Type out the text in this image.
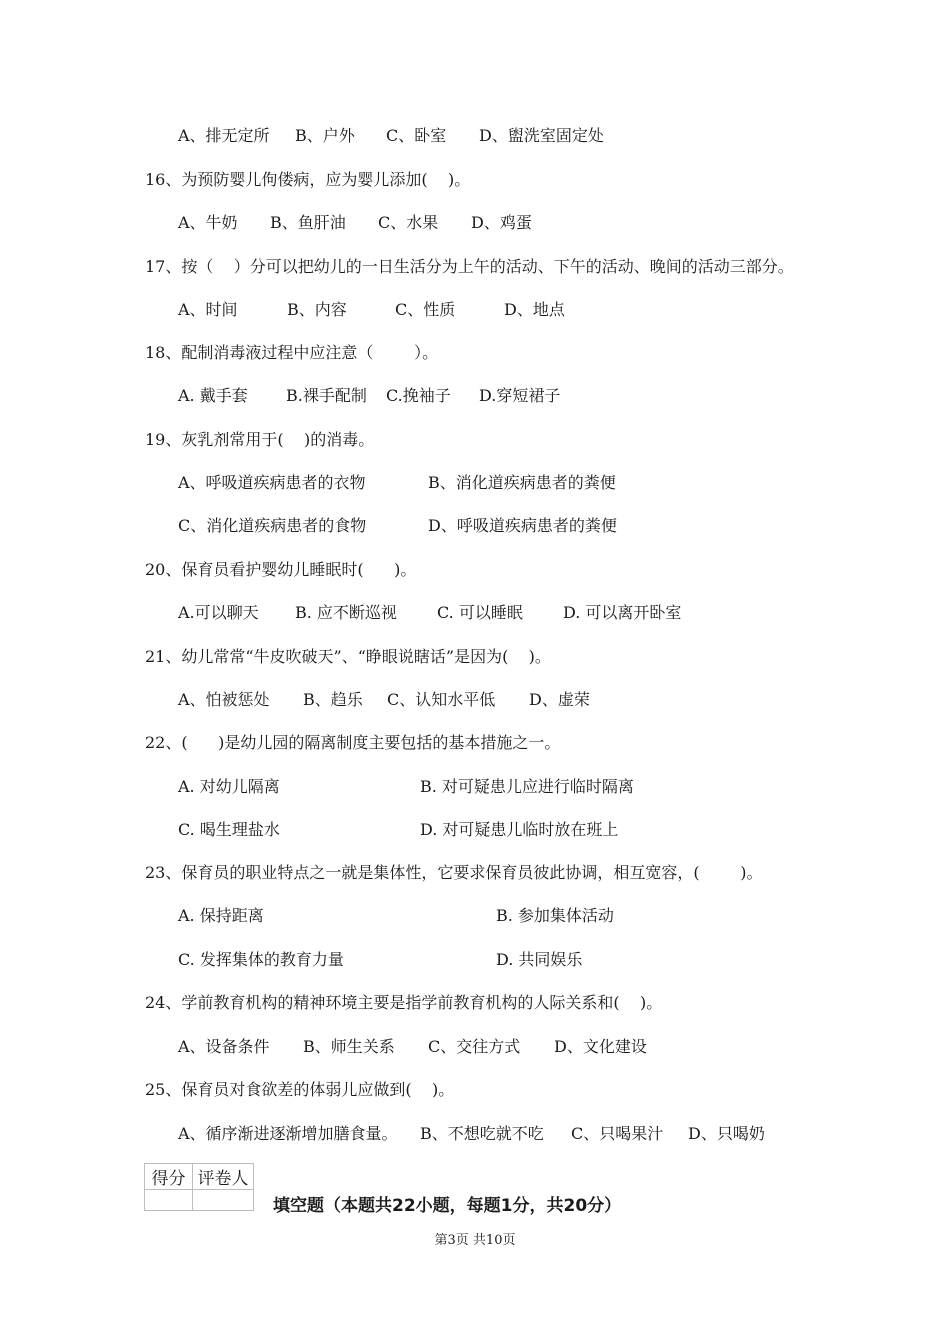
A、排无定所 B、户外 C、卧室 D、盥洗室固定处
16、为预防婴儿佝偻病，应为婴儿添加(    )。
A、牛奶 B、鱼肝油 C、水果 D、鸡蛋
17、按（    ）分可以把幼儿的一日生活分为上午的活动、下午的活动、晚间的活动三部分。
A、时间	B、内容	C、性质	D、地点
18、配制消毒液过程中应注意（        ）。
A. 戴手套 B.裸手配制 C.挽袖子 D.穿短裙子
19、灰乳剂常用于(    )的消毒。
A、呼吸道疾病患者的衣物	B、消化道疾病患者的粪便
C、消化道疾病患者的食物	D、呼吸道疾病患者的粪便
20、保育员看护婴幼儿睡眠时(      )。
A.可以聊天 B. 应不断巡视	C. 可以睡眠	D. 可以离开卧室
21、幼儿常常“牛皮吹破天”、“睁眼说瞎话”是因为(    )。
A、怕被惩处 B、趋乐 C、认知水平低 D、虚荣
22、(      )是幼儿园的隔离制度主要包括的基本措施之一。
A. 对幼儿隔离	B. 对可疑患儿应进行临时隔离
C. 喝生理盐水	D. 对可疑患儿临时放在班上
23、保育员的职业特点之一就是集体性，它要求保育员彼此协调，相互宽容，(        )。
A. 保持距离	B. 参加集体活动
C. 发挥集体的教育力量	D. 共同娱乐
24、学前教育机构的精神环境主要是指学前教育机构的人际关系和(    )。
A、设备条件 B、师生关系 C、交往方式 D、文化建设
25、保育员对食欲差的体弱儿应做到(    )。
A、循序渐进逐渐增加膳食量。 B、不想吃就不吃 C、只喝果汁 D、只喝奶
得分	评卷人

填空题（本题共22小题，每题1分，共20分）
第3页 共10页
